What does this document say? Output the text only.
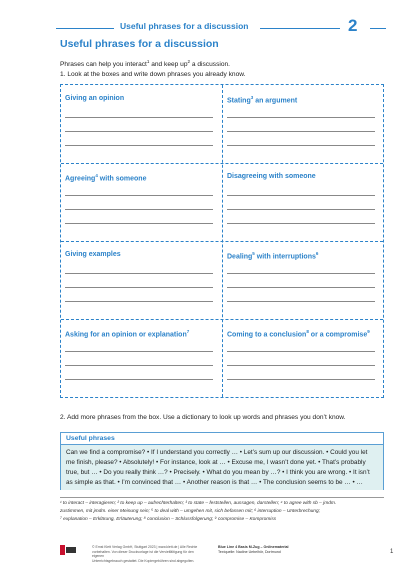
Useful phrases for a discussion	2
Useful phrases for a discussion
Phrases can help you interact$^1$ and keep $up^2$ a discussion.
1. Look at the boxes and write down phrases you already know.
Giving an opinion	Stating$^3$ an argument
Agreeing$^4$ with someone	Disagreeing with someone
Giving examples	Dealing$^5$ with interruptions$^6$
Asking for an opinion or explanation$^7$	Coming to a conclusion$^8$ or a compromise$^9$
2. Add more phrases from the box. Use a dictionary to look up words and phrases you don’t know.
Useful phrases
Can we find a compromise? • If I understand you correctly … • Let’s sum up our discussion. • Could you let
me finish, please? • Absolutely! • For instance, look at … • Excuse me, I wasn’t done yet. • That’s probably
true, but … • Do you really think …? • Precisely. • What do you mean by …? • I think you are wrong. • It isn’t
as simple as that. • I’m convinced that … • Another reason is that … • The conclusion seems to be … • …
¹ to interact – interagieren; ² to keep up – aufrechterhalten; ³ to state – feststellen, aussagen, darstellen; ⁴ to agree with sb – jmdm.
zustimmen, mit jmdm. einer Meinung sein; ⁵ to deal with – umgehen mit, sich befassen mit; ⁶ interruption – Unterbrechung;
⁷ explanation – Erklärung, Erläuterung; ⁸ conclusion – Schlussfolgerung; ⁹ compromise – Kompromiss
© Ernst Klett Verlag GmbH, Stuttgart 2023 | www.klett.de | Alle Rechte
vorbehalten. Von dieser Druckvorlage ist die Vervielfältigung für den eigenen
Unterrichtsgebrauch gestattet. Die Kopiergebühren sind abgegolten.
Blue Line 4 Basis M-Zug – Onlinematerial
Textquelle: Nadine Uebelhör, Dortmund	1
